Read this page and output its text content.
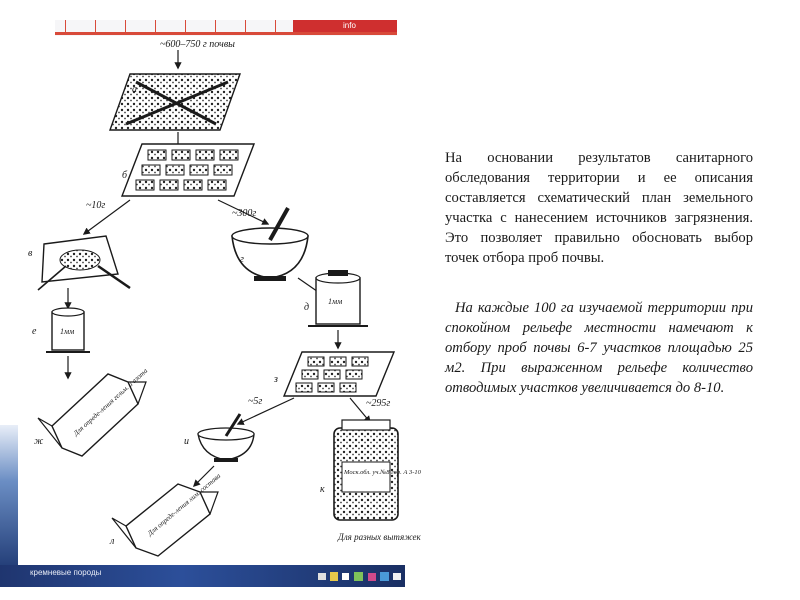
info
кремневые породы
~600–750 г почвы
а
б
~10г
~300г
в
г
1мм
е
1мм
д
Для опреде-ления гельм. и азота
ж
з
~5г	~295г
и
Моск.обл. уч.№8 гор. А 3-10
к
Для разных вытяжек
Для опреде-ления хим. состава
л

На основании результатов санитарного обследования территории и ее описания составляется схематический план земельного участка с нанесением источников загрязнения. Это позволяет правильно обосновать выбор точек отбора проб почвы.

На каждые 100 га изучаемой территории при спокойном рельефе местности намечают к отбору проб почвы 6-7 участков площадью 25 м2. При выраженном рельефе количество отводимых участков увеличивается до 8-10.
